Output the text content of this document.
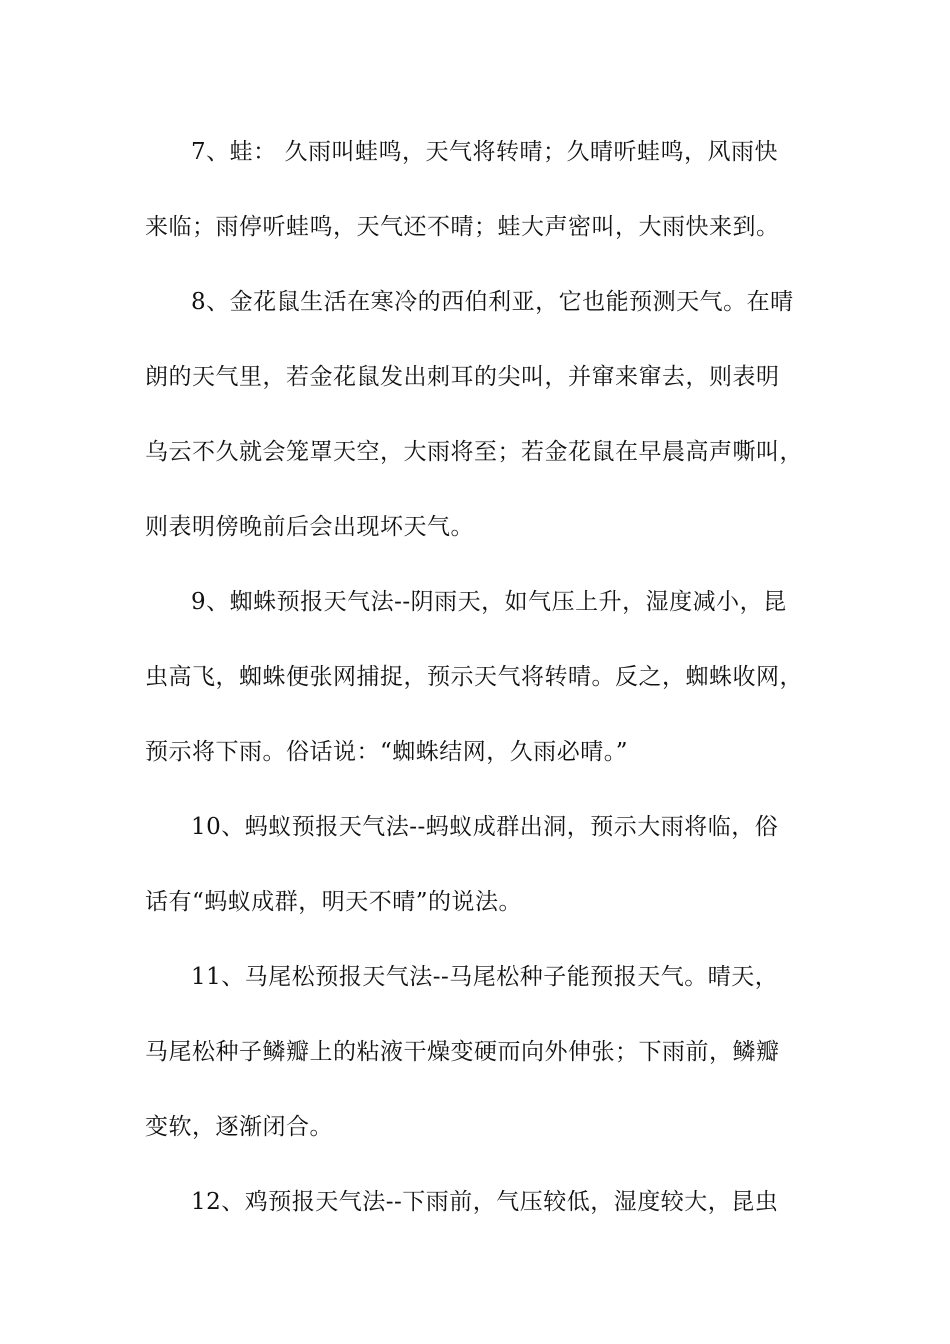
7、蛙： 久雨叫蛙鸣，天气将转晴；久晴听蛙鸣，风雨快
来临；雨停听蛙鸣，天气还不晴；蛙大声密叫，大雨快来到。
8、金花鼠生活在寒冷的西伯利亚，它也能预测天气。在晴
朗的天气里，若金花鼠发出刺耳的尖叫，并窜来窜去，则表明
乌云不久就会笼罩天空，大雨将至；若金花鼠在早晨高声嘶叫，
则表明傍晚前后会出现坏天气。
9、蜘蛛预报天气法--阴雨天，如气压上升，湿度减小，昆
虫高飞，蜘蛛便张网捕捉，预示天气将转晴。反之，蜘蛛收网，
预示将下雨。俗话说：“蜘蛛结网，久雨必晴。”
10、蚂蚁预报天气法--蚂蚁成群出洞，预示大雨将临，俗
话有“蚂蚁成群，明天不晴”的说法。
11、马尾松预报天气法--马尾松种子能预报天气。晴天，
马尾松种子鳞瓣上的粘液干燥变硬而向外伸张；下雨前，鳞瓣
变软，逐渐闭合。
12、鸡预报天气法--下雨前，气压较低，湿度较大，昆虫
